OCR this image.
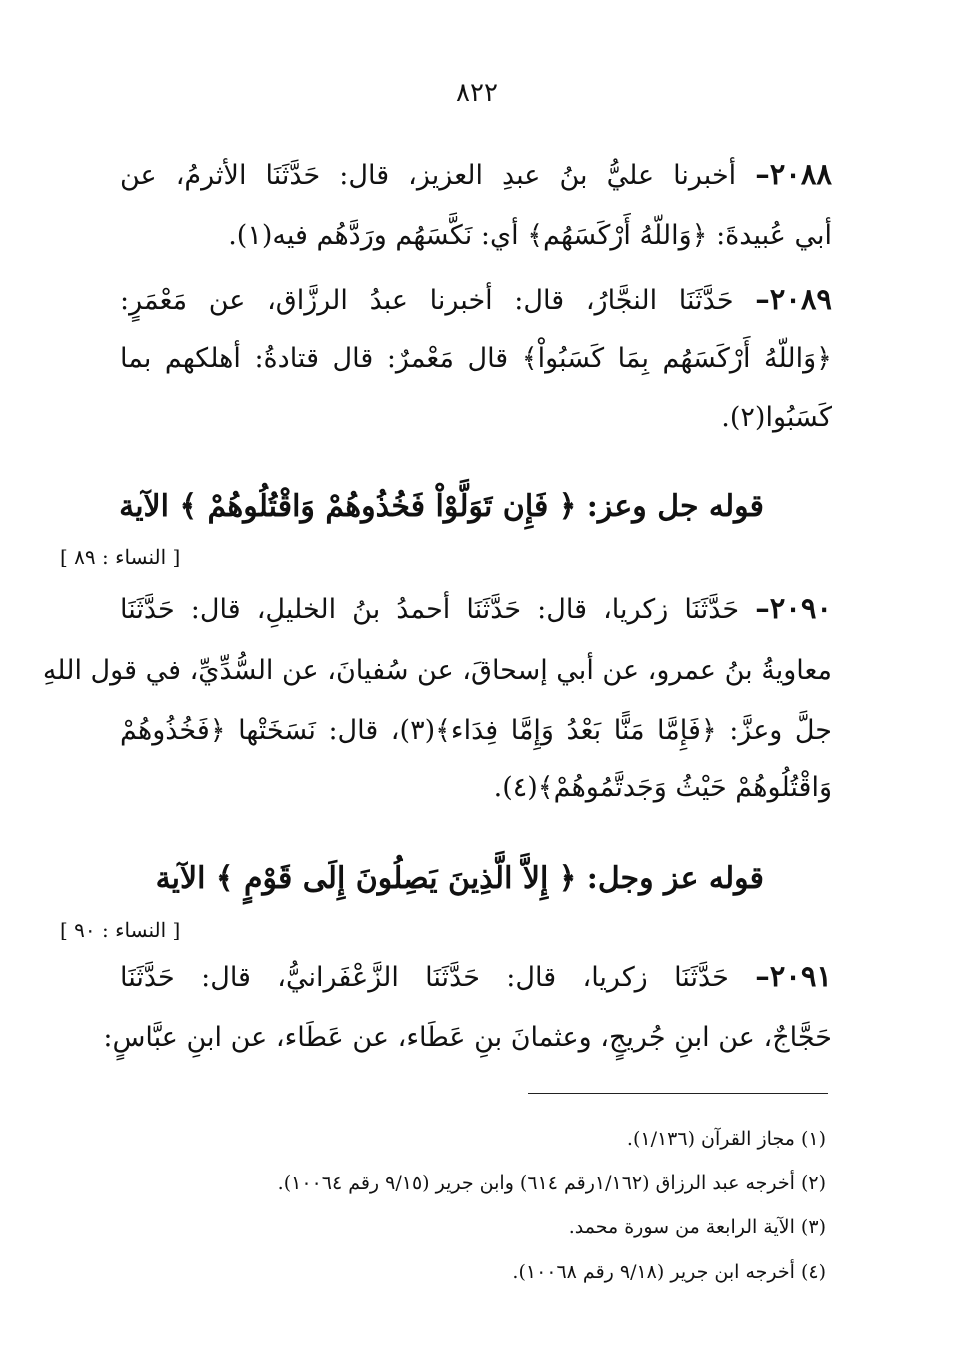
٨٢٢
٢٠٨٨– أخبرنا عليُّ بنُ عبدِ العزيز، قال: حَدَّثَنَا الأثرمُ، عن
أبي عُبيدةَ: ﴿وَاللّهُ أَرْكَسَهُم﴾ أي: نَكَّسَهُم ورَدَّهُم فيه(١).
٢٠٨٩– حَدَّثَنَا النجَّارُ، قال: أخبرنا عبدُ الرزَّاق، عن مَعْمَرٍ:
﴿وَاللّهُ أَرْكَسَهُم بِمَا كَسَبُواْ﴾ قال مَعْمرٌ: قال قتادةُ: أهلكهم بما
كَسَبُوا(٢).
قوله جل وعز: ﴿ فَإِن تَوَلَّوْاْ فَخُذُوهُمْ وَاقْتُلُوهُمْ ﴾ الآية
[ النساء : ٨٩ ]
٢٠٩٠– حَدَّثَنَا زكريا، قال: حَدَّثَنَا أحمدُ بنُ الخليلِ، قال: حَدَّثَنَا
معاويةُ بنُ عمرو، عن أبي إسحاقَ، عن سُفيانَ، عن السُّدِّيِّ، في قول اللهِ
جلَّ وعزَّ: ﴿فَإِمَّا مَنًّا بَعْدُ وَإِمَّا فِدَاء﴾(٣)، قال: نَسَخَتْها ﴿فَخُذُوهُمْ
وَاقْتُلُوهُمْ حَيْثُ وَجَدتَّمُوهُمْ﴾(٤).
قوله عز وجل: ﴿ إِلاَّ الَّذِينَ يَصِلُونَ إِلَى قَوْمٍ ﴾ الآية
[ النساء : ٩٠ ]
٢٠٩١– حَدَّثَنَا زكريا، قال: حَدَّثَنَا الزَّعْفَرانيُّ، قال: حَدَّثَنَا
حَجَّاجٌ، عن ابنِ جُريجٍ، وعثمانَ بنِ عَطَاء، عن عَطَاء، عن ابنِ عبَّاسٍ:
(١) مجاز القرآن (١/١٣٦).
(٢) أخرجه عبد الرزاق (١/١٦٢رقم ٦١٤) وابن جرير (٩/١٥ رقم ١٠٠٦٤).
(٣) الآية الرابعة من سورة محمد.
(٤) أخرجه ابن جرير (٩/١٨ رقم ١٠٠٦٨).
